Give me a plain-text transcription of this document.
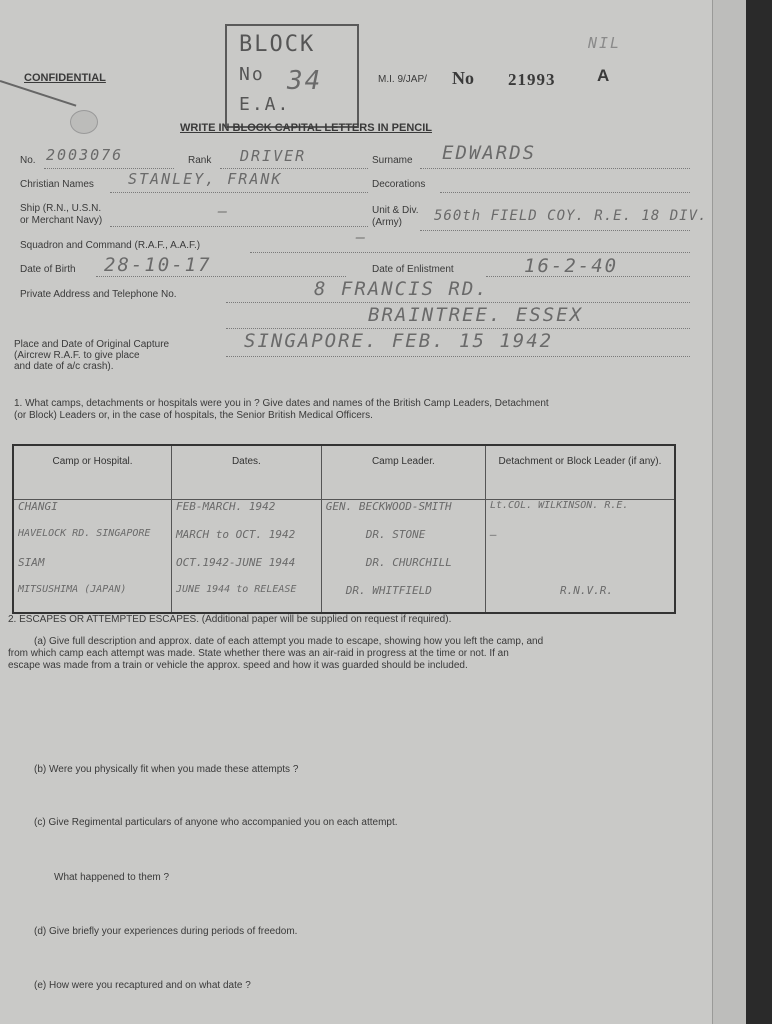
CONFIDENTIAL
BLOCK
No 34
E.A.
M.I. 9/JAP/ No 21993 A
NIL
WRITE IN BLOCK CAPITAL LETTERS IN PENCIL
No. 2003076	Rank DRIVER	Surname EDWARDS
Christian Names STANLEY, FRANK	Decorations
Ship (R.N., U.S.N.
or Merchant Navy)
—	Unit & Div.
(Army) 560th FIELD COY. R.E. 18 DIV.
Squadron and Command (R.A.F., A.A.F.)	—
Date of Birth 28-10-17	Date of Enlistment	16-2-40
Private Address and Telephone No.	8 FRANCIS RD.
BRAINTREE. ESSEX
Place and Date of Original Capture
(Aircrew R.A.F. to give place
and date of a/c crash).
SINGAPORE. FEB. 15 1942
1. What camps, detachments or hospitals were you in ? Give dates and names of the British Camp Leaders, Detachment
(or Block) Leaders or, in the case of hospitals, the Senior British Medical Officers.
Camp or Hospital.	Dates.	Camp Leader.	Detachment or Block Leader (if any).

CHANGI	FEB-MARCH. 1942	GEN. BECKWOOD-SMITH	Lt.COL. WILKINSON. R.E.

HAVELOCK RD. SINGAPORE	MARCH to OCT. 1942	DR. STONE	—

SIAM	OCT.1942-JUNE 1944	DR. CHURCHILL	

MITSUSHIMA (JAPAN)	JUNE 1944 to RELEASE	DR. WHITFIELD	R.N.V.R.
2. ESCAPES OR ATTEMPTED ESCAPES. (Additional paper will be supplied on request if required).
(a) Give full description and approx. date of each attempt you made to escape, showing how you left the camp, and
from which camp each attempt was made. State whether there was an air-raid in progress at the time or not. If an
escape was made from a train or vehicle the approx. speed and how it was guarded should be included.
(b) Were you physically fit when you made these attempts ?
(c) Give Regimental particulars of anyone who accompanied you on each attempt.
What happened to them ?
(d) Give briefly your experiences during periods of freedom.
(e) How were you recaptured and on what date ?
